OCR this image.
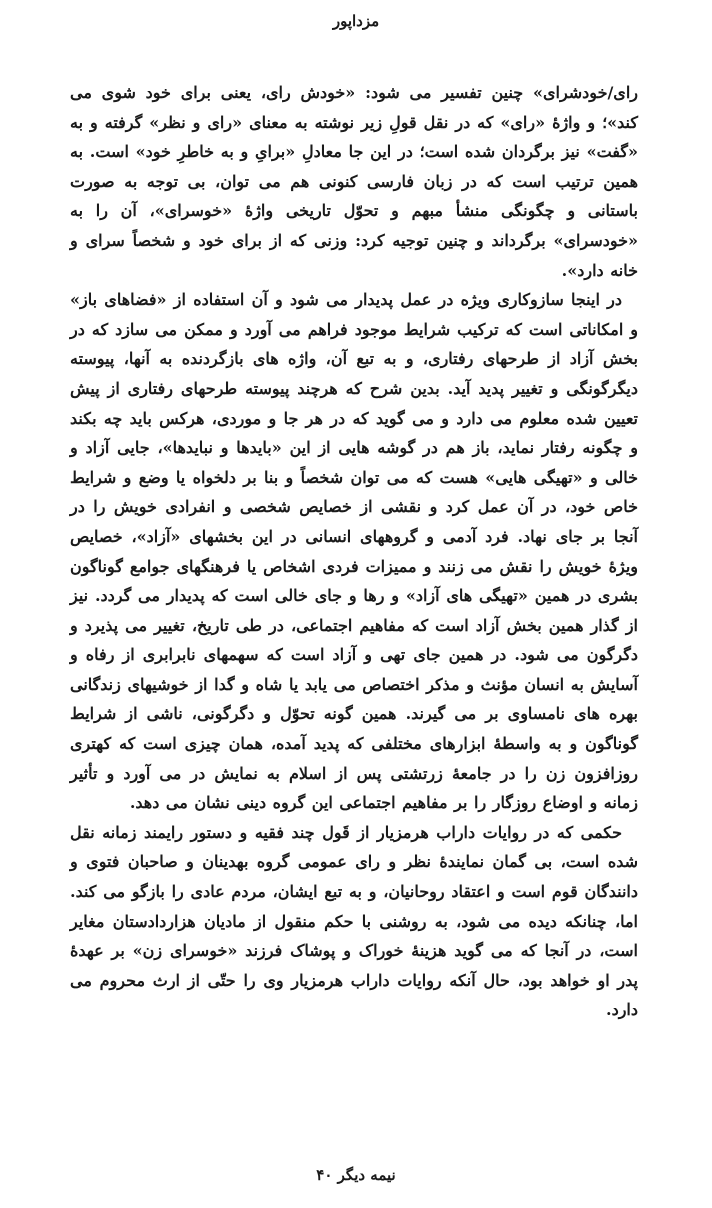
مزداپور

رای/خودشرای» چنین تفسیر می شود: «خودش رای، یعنی برای خود شوی می کند»؛ و واژهٔ «رای» که در نقل قولِ زیر نوشته به معنای «رای و نظر» گرفته و به «گفت» نیز برگردان شده است؛ در این جا معادلِ «برایِ و به خاطرِ خود» است. به همین ترتیب است که در زبان فارسی کنونی هم می توان، بی توجه به صورت باستانی و چگونگی منشأ مبهم و تحوّل تاریخی واژهٔ «خوسرای»، آن را به «خودسرای» برگرداند و چنین توجیه کرد: وزنی که از برای خود و شخصاً سرای و خانه دارد».

در اینجا سازوکاری ویژه در عمل پدیدار می شود و آن استفاده از «فضاهای باز» و امکاناتی است که ترکیب شرایط موجود فراهم می آورد و ممکن می سازد که در بخش آزاد از طرحهای رفتاری، و به تبع آن، واژه های بازگردنده به آنها، پیوسته دیگرگونگی و تغییر پدید آید. بدین شرح که هرچند پیوسته طرحهای رفتاری از پیش تعیین شده معلوم می دارد و می گوید که در هر جا و موردی، هرکس باید چه بکند و چگونه رفتار نماید، باز هم در گوشه هایی از این «بایدها و نبایدها»، جایی آزاد و خالی و «تهیگی هایی» هست که می توان شخصاً و بنا بر دلخواه یا وضع و شرایط خاص خود، در آن عمل کرد و نقشی از خصایص شخصی و انفرادی خویش را در آنجا بر جای نهاد. فرد آدمی و گروههای انسانی در این بخشهای «آزاد»، خصایص ویژهٔ خویش را نقش می زنند و ممیزات فردی اشخاص یا فرهنگهای جوامع گوناگون بشری در همین «تهیگی های آزاد» و رها و جای خالی است که پدیدار می گردد. نیز از گذار همین بخش آزاد است که مفاهیم اجتماعی، در طی تاریخ، تغییر می پذیرد و دگرگون می شود. در همین جای تهی و آزاد است که سهمهای نابرابری از رفاه و آسایش به انسان مؤنث و مذکر اختصاص می یابد یا شاه و گدا از خوشیهای زندگانی بهره های نامساوی بر می گیرند. همین گونه تحوّل و دگرگونی، ناشی از شرایط گوناگون و به واسطهٔ ابزارهای مختلفی که پدید آمده، همان چیزی است که کهتری روزافزون زن را در جامعهٔ زرتشتی پس از اسلام به نمایش در می آورد و تأثیر زمانه و اوضاع روزگار را بر مفاهیم اجتماعی این گروه دینی نشان می دهد.

حکمی که در روایات داراب هرمزیار از قَول چند فقیه و دستور رایمند زمانه نقل شده است، بی گمان نمایندهٔ نظر و رای عمومی گروه بهدینان و صاحبان فتوی و دانندگان قوم است و اعتقاد روحانیان، و به تبع ایشان، مردم عادی را بازگو می کند. اما، چنانکه دیده می شود، به روشنی با حکم منقول از مادیان هزاردادستان مغایر است، در آنجا که می گوید هزینهٔ خوراک و پوشاک فرزند «خوسرای زن» بر عهدهٔ پدر او خواهد بود، حال آنکه روایات داراب هرمزیار وی را حتّی از ارث محروم می دارد.

نیمه دیگر ۴۰
